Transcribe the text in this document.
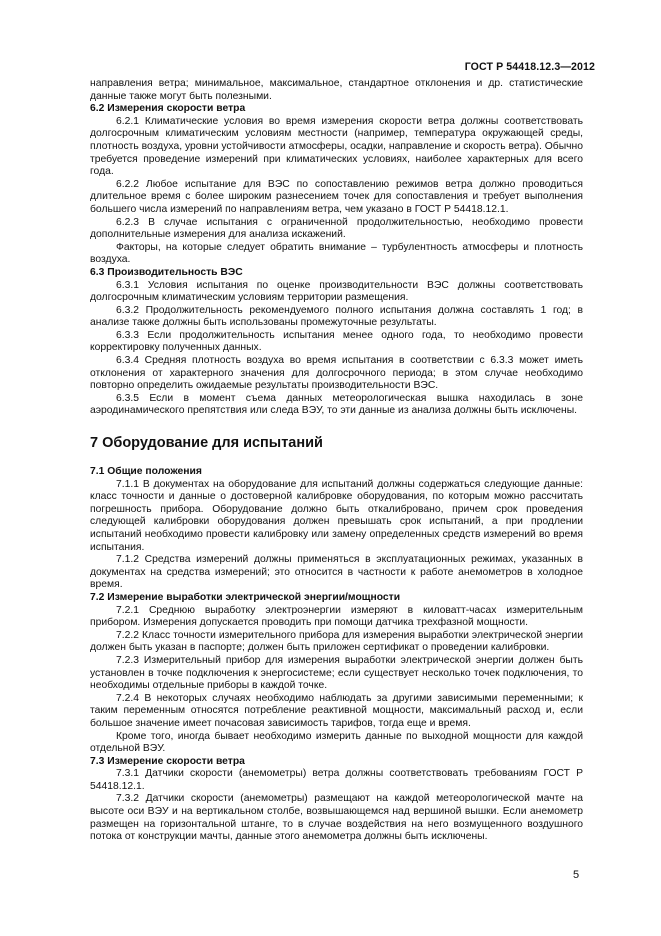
ГОСТ Р 54418.12.3—2012

направления ветра; минимальное, максимальное, стандартное отклонения и др. статистические данные также могут быть полезными.

6.2 Измерения скорости ветра

6.2.1 Климатические условия во время измерения скорости ветра должны соответствовать долгосрочным климатическим условиям местности (например, температура окружающей среды, плотность воздуха, уровни устойчивости атмосферы, осадки, направление и скорость ветра). Обычно требуется проведение измерений при климатических условиях, наиболее характерных для всего года.

6.2.2 Любое испытание для ВЭС по сопоставлению режимов ветра должно проводиться длительное время с более широким разнесением точек для сопоставления и требует выполнения большего числа измерений по направлениям ветра, чем указано в ГОСТ Р 54418.12.1.

6.2.3 В случае испытания с ограниченной продолжительностью, необходимо провести дополнительные измерения для анализа искажений.

Факторы, на которые следует обратить внимание – турбулентность атмосферы и плотность воздуха.

6.3 Производительность ВЭС

6.3.1 Условия испытания по оценке производительности ВЭС должны соответствовать долгосрочным климатическим условиям территории размещения.

6.3.2 Продолжительность рекомендуемого полного испытания должна составлять 1 год; в анализе также должны быть использованы промежуточные результаты.

6.3.3 Если продолжительность испытания менее одного года, то необходимо провести корректировку полученных данных.

6.3.4 Средняя плотность воздуха во время испытания в соответствии с 6.3.3 может иметь отклонения от характерного значения для долгосрочного периода; в этом случае необходимо повторно определить ожидаемые результаты производительности ВЭС.

6.3.5 Если в момент съема данных метеорологическая вышка находилась в зоне аэродинамического препятствия или следа ВЭУ, то эти данные из анализа должны быть исключены.

7 Оборудование для испытаний

7.1 Общие положения

7.1.1 В документах на оборудование для испытаний должны содержаться следующие данные: класс точности и данные о достоверной калибровке оборудования, по которым можно рассчитать погрешность прибора. Оборудование должно быть откалибровано, причем срок проведения следующей калибровки оборудования должен превышать срок испытаний, а при продлении испытаний необходимо провести калибровку или замену определенных средств измерений во время испытания.

7.1.2 Средства измерений должны применяться в эксплуатационных режимах, указанных в документах на средства измерений; это относится в частности к работе анемометров в холодное время.

7.2 Измерение выработки электрической энергии/мощности

7.2.1 Среднюю выработку электроэнергии измеряют в киловатт-часах измерительным прибором. Измерения допускается проводить при помощи датчика трехфазной мощности.

7.2.2 Класс точности измерительного прибора для измерения выработки электрической энергии должен быть указан в паспорте; должен быть приложен сертификат о проведении калибровки.

7.2.3 Измерительный прибор для измерения выработки электрической энергии должен быть установлен в точке подключения к энергосистеме; если существует несколько точек подключения, то необходимы отдельные приборы в каждой точке.

7.2.4 В некоторых случаях необходимо наблюдать за другими зависимыми переменными; к таким переменным относятся потребление реактивной мощности, максимальный расход и, если большое значение имеет почасовая зависимость тарифов, тогда еще и время.

Кроме того, иногда бывает необходимо измерить данные по выходной мощности для каждой отдельной ВЭУ.

7.3 Измерение скорости ветра

7.3.1 Датчики скорости (анемометры) ветра должны соответствовать требованиям ГОСТ Р 54418.12.1.

7.3.2 Датчики скорости (анемометры) размещают на каждой метеорологической мачте на высоте оси ВЭУ и на вертикальном столбе, возвышающемся над вершиной вышки. Если анемометр размещен на горизонтальной штанге, то в случае воздействия на него возмущенного воздушного потока от конструкции мачты, данные этого анемометра должны быть исключены.

5
